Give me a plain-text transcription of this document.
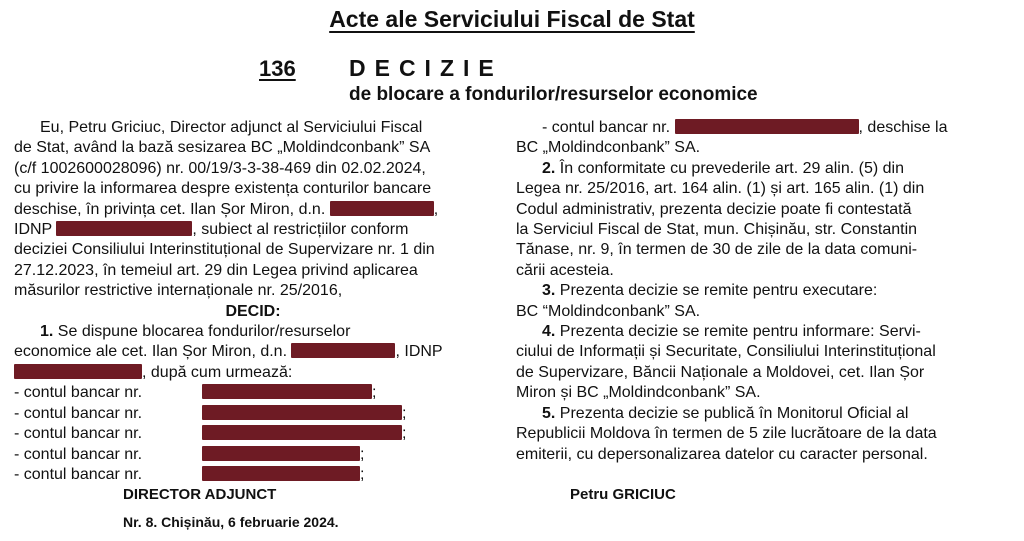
Acte ale Serviciului Fiscal de Stat
136 DECIZIE
de blocare a fondurilor/resurselor economice

Eu, Petru Griciuc, Director adjunct al Serviciului Fiscal

de Stat, având la bază sesizarea BC „Moldindconbank” SA

(c/f 1002600028096) nr. 00/19/3-3-38-469 din 02.02.2024,

cu privire la informarea despre existența conturilor bancare

deschise, în privința cet. Ilan Șor Miron, d.n.	,

IDNP	, subiect al restricțiilor conform

deciziei Consiliului Interinstituțional de Supervizare nr. 1 din

27.12.2023, în temeiul art. 29 din Legea privind aplicarea

măsurilor restrictive internaționale nr. 25/2016,

DECID:

1. Se dispune blocarea fondurilor/resurselor

economice ale cet. Ilan Șor Miron, d.n.	, IDNP

, după cum urmează:

- contul bancar nr.	;

- contul bancar nr.	;

- contul bancar nr.	;

- contul bancar nr.	;

- contul bancar nr.	;

- contul bancar nr.	, deschise la

BC „Moldindconbank” SA.

2. În conformitate cu prevederile art. 29 alin. (5) din

Legea nr. 25/2016, art. 164 alin. (1) și art. 165 alin. (1) din

Codul administrativ, prezenta decizie poate fi contestată

la Serviciul Fiscal de Stat, mun. Chișinău, str. Constantin

Tănase, nr. 9, în termen de 30 de zile de la data comuni-

cării acesteia.

3. Prezenta decizie se remite pentru executare:

BC “Moldindconbank” SA.

4. Prezenta decizie se remite pentru informare: Servi-

ciului de Informații și Securitate, Consiliului Interinstituțional

de Supervizare, Băncii Naționale a Moldovei, cet. Ilan Șor

Miron și BC „Moldindconbank” SA.

5. Prezenta decizie se publică în Monitorul Oficial al

Republicii Moldova în termen de 5 zile lucrătoare de la data

emiterii, cu depersonalizarea datelor cu caracter personal.

DIRECTOR ADJUNCT	Petru GRICIUC
Nr. 8. Chișinău, 6 februarie 2024.
